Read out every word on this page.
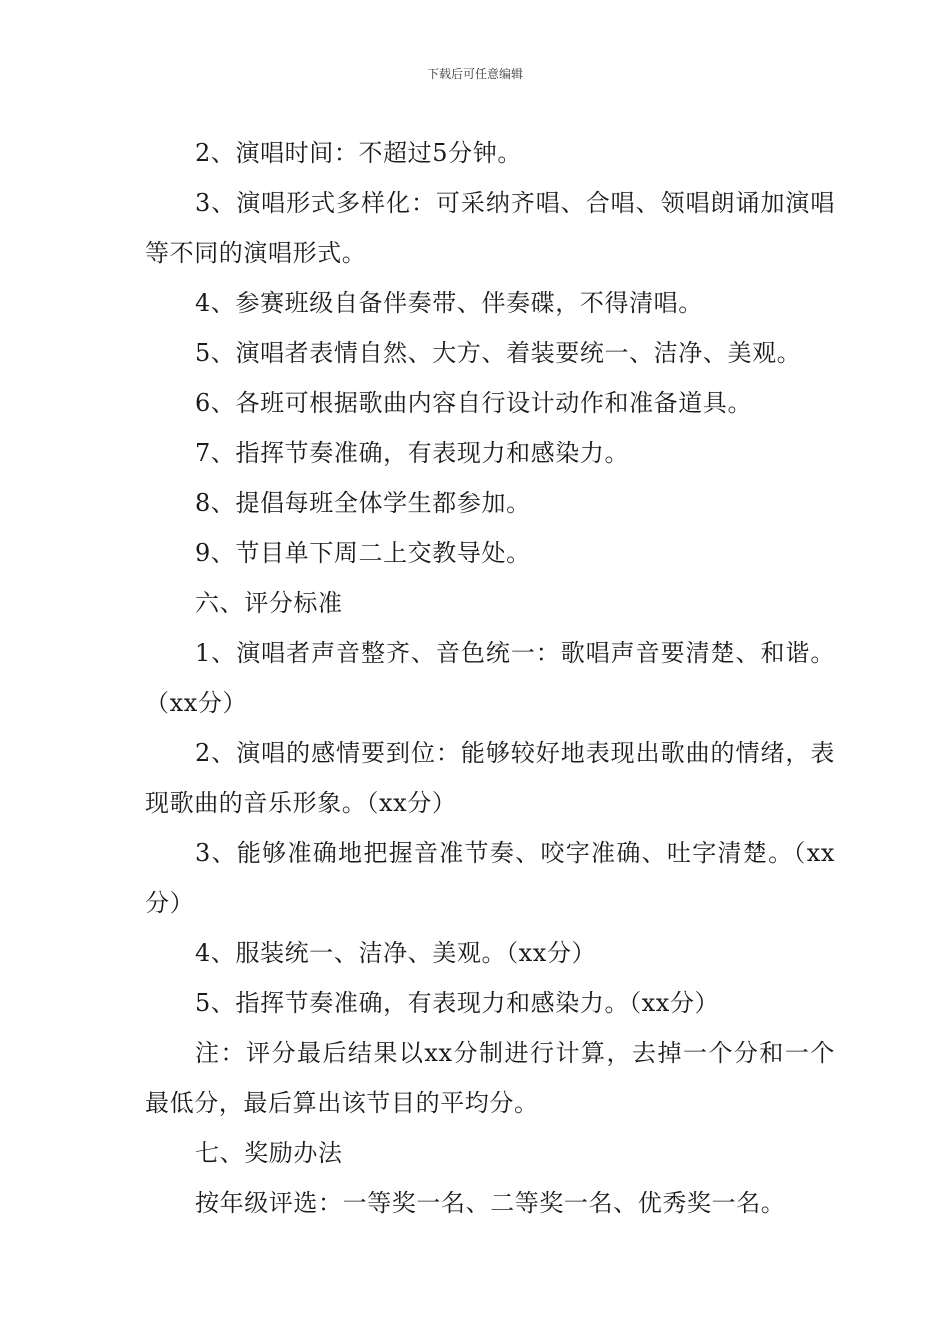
下载后可任意编辑

2、演唱时间：不超过5分钟。

3、演唱形式多样化：可采纳齐唱、合唱、领唱朗诵加演唱等不同的演唱形式。

4、参赛班级自备伴奏带、伴奏碟，不得清唱。

5、演唱者表情自然、大方、着装要统一、洁净、美观。

6、各班可根据歌曲内容自行设计动作和准备道具。

7、指挥节奏准确，有表现力和感染力。

8、提倡每班全体学生都参加。

9、节目单下周二上交教导处。

六、评分标准

1、演唱者声音整齐、音色统一：歌唱声音要清楚、和谐。（xx分）

2、演唱的感情要到位：能够较好地表现出歌曲的情绪，表现歌曲的音乐形象。（xx分）

3、能够准确地把握音准节奏、咬字准确、吐字清楚。（xx分）

4、服装统一、洁净、美观。（xx分）

5、指挥节奏准确，有表现力和感染力。（xx分）

注：评分最后结果以xx分制进行计算，去掉一个分和一个最低分，最后算出该节目的平均分。

七、奖励办法

按年级评选：一等奖一名、二等奖一名、优秀奖一名。
